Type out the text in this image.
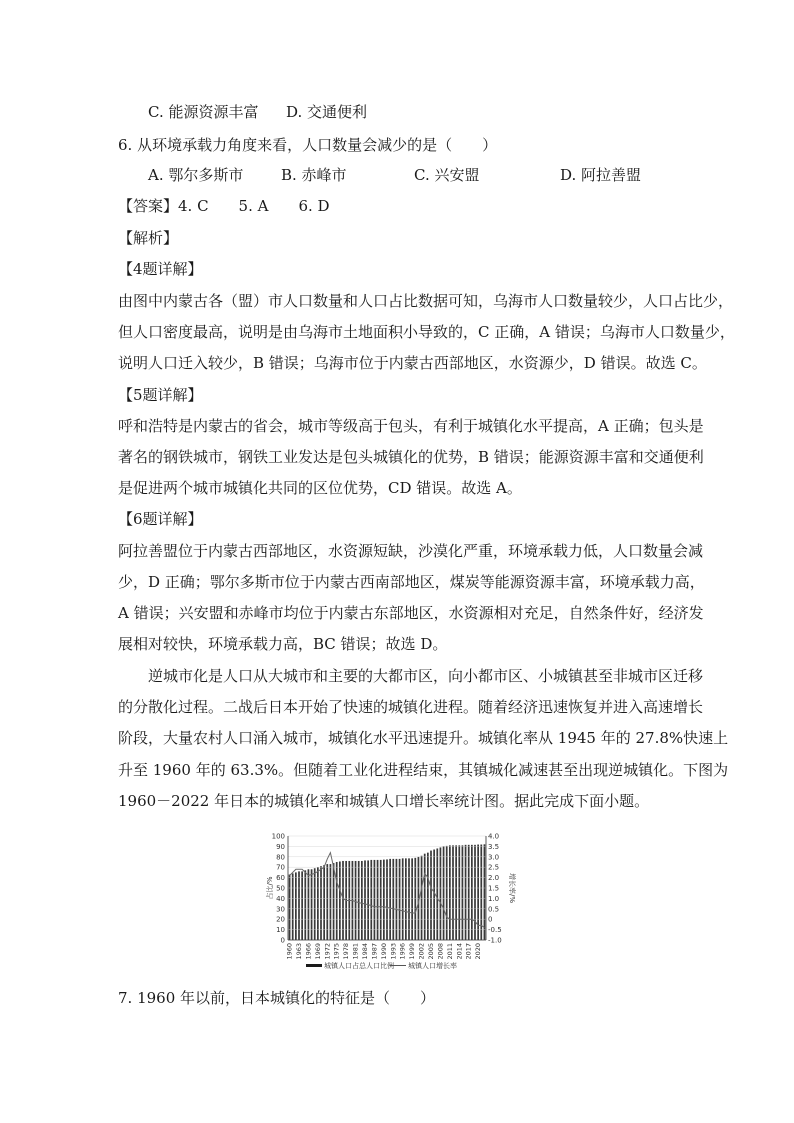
C. 能源资源丰富 D. 交通便利
6. 从环境承载力角度来看，人口数量会减少的是（　　）
A. 鄂尔多斯市	B. 赤峰市	C. 兴安盟	D. 阿拉善盟
【答案】4. C　　5. A　　6. D
【解析】
【4题详解】
由图中内蒙古各（盟）市人口数量和人口占比数据可知，乌海市人口数量较少，人口占比少，
但人口密度最高，说明是由乌海市土地面积小导致的，C 正确，A 错误；乌海市人口数量少，
说明人口迁入较少，B 错误；乌海市位于内蒙古西部地区，水资源少，D 错误。故选 C。
【5题详解】
呼和浩特是内蒙古的省会，城市等级高于包头，有利于城镇化水平提高，A 正确；包头是
著名的钢铁城市，钢铁工业发达是包头城镇化的优势，B 错误；能源资源丰富和交通便利
是促进两个城市城镇化共同的区位优势，CD 错误。故选 A。
【6题详解】
阿拉善盟位于内蒙古西部地区，水资源短缺，沙漠化严重，环境承载力低，人口数量会减
少，D 正确；鄂尔多斯市位于内蒙古西南部地区，煤炭等能源资源丰富，环境承载力高，
A 错误；兴安盟和赤峰市均位于内蒙古东部地区，水资源相对充足，自然条件好，经济发
展相对较快，环境承载力高，BC 错误；故选 D。
逆城市化是人口从大城市和主要的大都市区，向小都市区、小城镇甚至非城市区迁移
的分散化过程。二战后日本开始了快速的城镇化进程。随着经济迅速恢复并进入高速增长
阶段，大量农村人口涌入城市，城镇化水平迅速提升。城镇化率从 1945 年的 27.8%快速上
升至 1960 年的 63.3%。但随着工业化进程结束，其镇城化减速甚至出现逆城镇化。下图为
1960－2022 年日本的城镇化率和城镇人口增长率统计图。据此完成下面小题。
0
10
20
30
40
50
60
70
80
90
100
-1.0
-0.5
0
0.5
1.0
1.5
2.0
2.5
3.0
3.5
4.0
1960 1963 1966 1969 1972 1975 1978 1981 1984 1987 1990 1993 1996 1999 2002 2005 2008 2011 2014 2017 2020
占比/%	增长率/%
城镇人口占总人口比例 城镇人口增长率
7. 1960 年以前，日本城镇化的特征是（　　）
